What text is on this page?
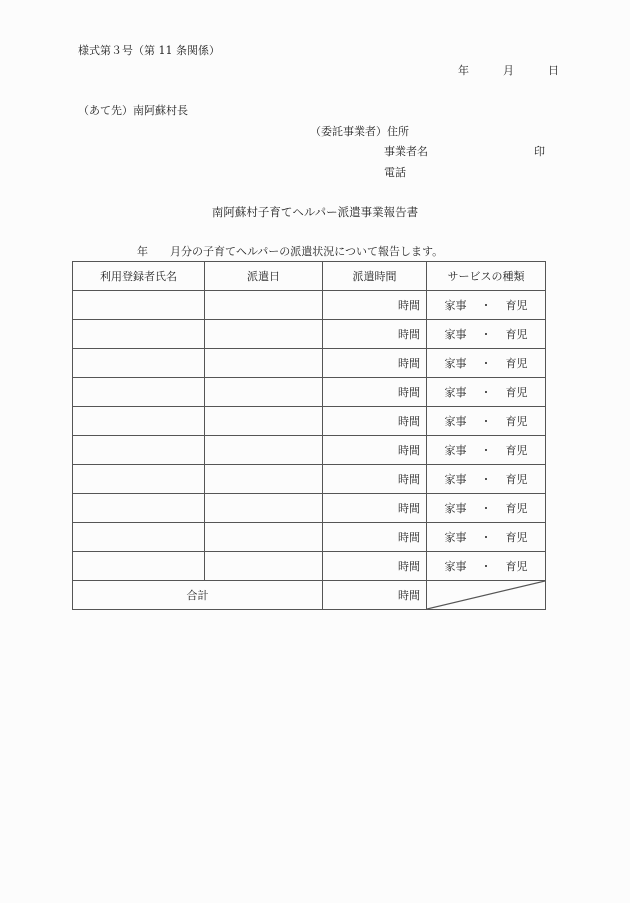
様式第３号（第 11 条関係）
年	月	日
（あて先）南阿蘇村長
（委託事業者）住所
事業者名	印
電話
南阿蘇村子育てヘルパー派遣事業報告書
年 月分の子育てヘルパーの派遣状況について報告します。
利用登録者氏名	派遣日	派遣時間	サービスの種類
		時間	家事 ・ 育児
		時間	家事 ・ 育児
		時間	家事 ・ 育児
		時間	家事 ・ 育児
		時間	家事 ・ 育児
		時間	家事 ・ 育児
		時間	家事 ・ 育児
		時間	家事 ・ 育児
		時間	家事 ・ 育児
		時間	家事 ・ 育児
合計		時間	
